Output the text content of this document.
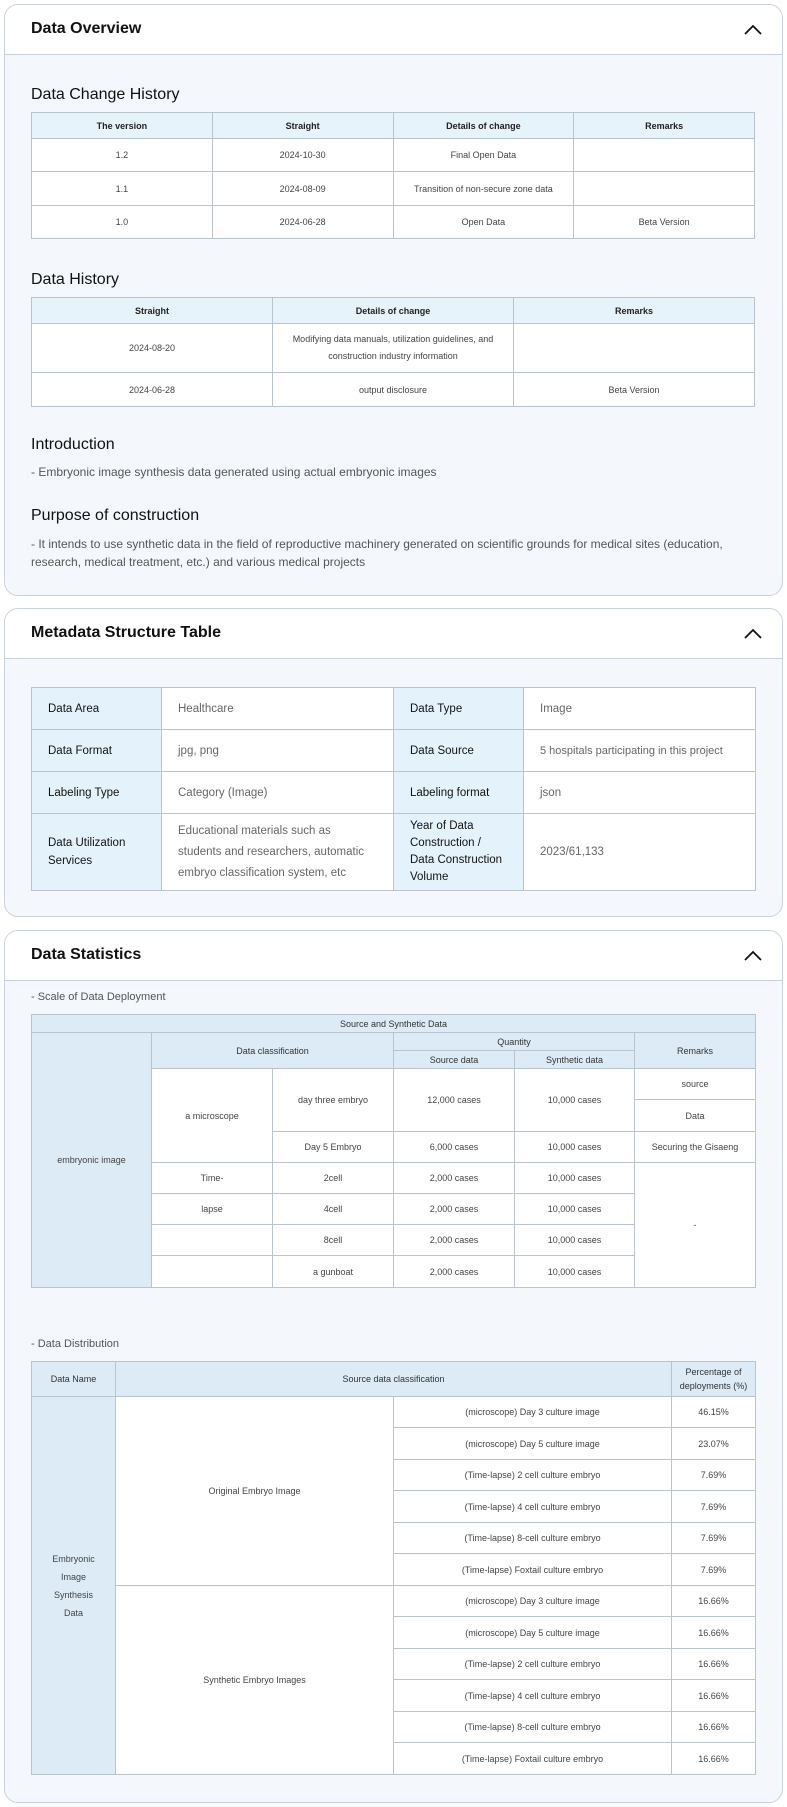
Data Overview
Data Change History
The version	Straight	Details of change	Remarks
1.2	2024-10-30	Final Open Data	
1.1	2024-08-09	Transition of non-secure zone data	
1.0	2024-06-28	Open Data	Beta Version
Data History
Straight	Details of change	Remarks
2024-08-20	Modifying data manuals, utilization guidelines, and construction industry information	
2024-06-28	output disclosure	Beta Version
Introduction
- Embryonic image synthesis data generated using actual embryonic images
Purpose of construction
- It intends to use synthetic data in the field of reproductive machinery generated on scientific grounds for medical sites (education, research, medical treatment, etc.) and various medical projects
Metadata Structure Table
Data Area	Healthcare	Data Type	Image
Data Format	jpg, png	Data Source	5 hospitals participating in this project
Labeling Type	Category (Image)	Labeling format	json
Data Utilization Services	Educational materials such as students and researchers, automatic embryo classification system, etc	Year of Data Construction / Data Construction Volume	2023/61,133
Data Statistics
- Scale of Data Deployment
Source and Synthetic Data					
embryonic image	Data classification		Quantity		Remarks
			Source data	Synthetic data	
	a microscope	day three embryo	12,000 cases	10,000 cases	source
					Data
		Day 5 Embryo	6,000 cases	10,000 cases	Securing the Gisaeng
	Time-	2cell	2,000 cases	10,000 cases	-
	lapse	4cell	2,000 cases	10,000 cases	
		8cell	2,000 cases	10,000 cases	
		a gunboat	2,000 cases	10,000 cases	
- Data Distribution
Data Name	Source data classification		Percentage of deployments (%)
Embryonic Image Synthesis Data	Original Embryo Image	(microscope) Day 3 culture image	46.15%
		(microscope) Day 5 culture image	23.07%
		(Time-lapse) 2 cell culture embryo	7.69%
		(Time-lapse) 4 cell culture embryo	7.69%
		(Time-lapse) 8-cell culture embryo	7.69%
		(Time-lapse) Foxtail culture embryo	7.69%
	Synthetic Embryo Images	(microscope) Day 3 culture image	16.66%
		(microscope) Day 5 culture image	16.66%
		(Time-lapse) 2 cell culture embryo	16.66%
		(Time-lapse) 4 cell culture embryo	16.66%
		(Time-lapse) 8-cell culture embryo	16.66%
		(Time-lapse) Foxtail culture embryo	16.66%
